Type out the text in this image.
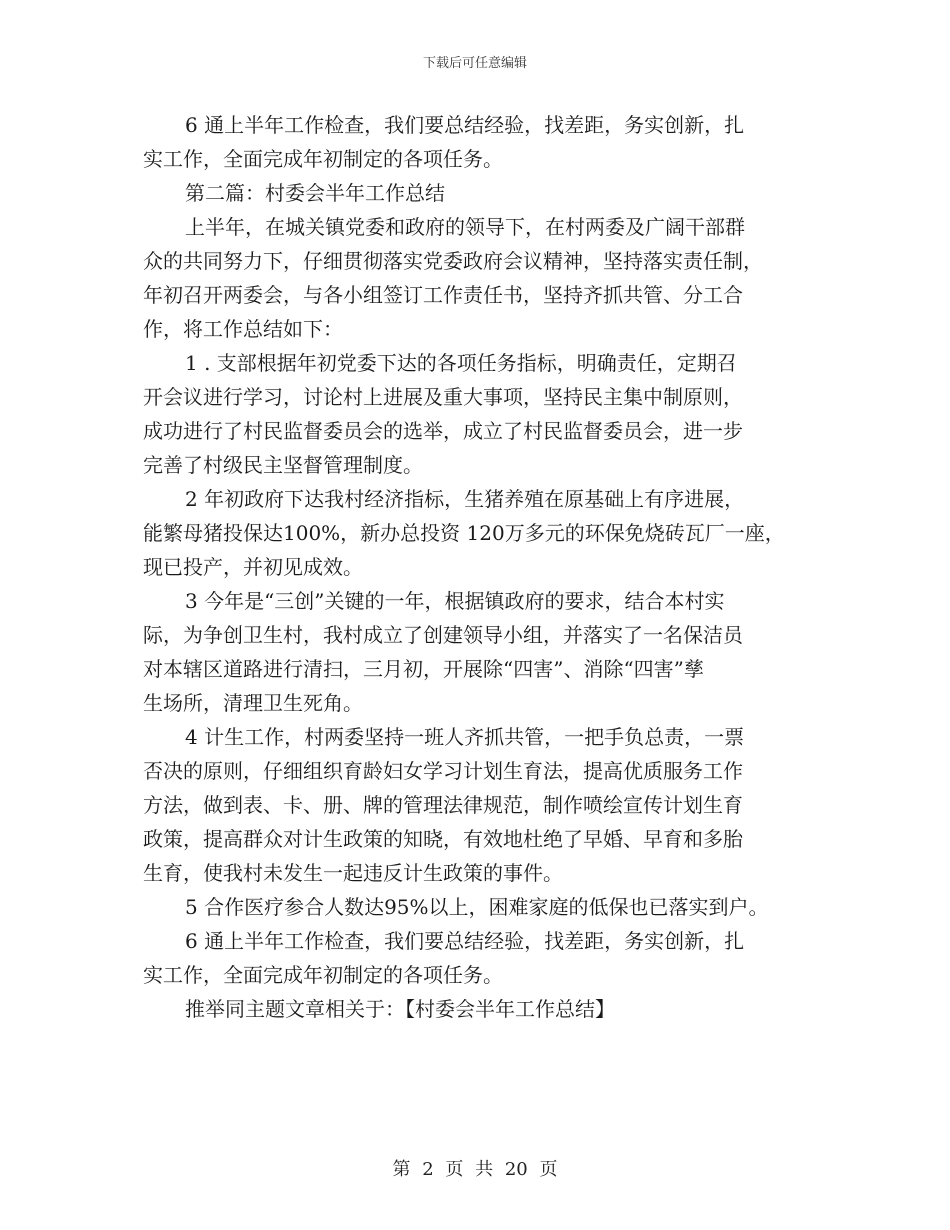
下载后可任意编辑
6 通上半年工作检查，我们要总结经验，找差距，务实创新，扎
实工作，全面完成年初制定的各项任务。
第二篇：村委会半年工作总结
上半年，在城关镇党委和政府的领导下，在村两委及广阔干部群
众的共同努力下，仔细贯彻落实党委政府会议精神，坚持落实责任制，
年初召开两委会，与各小组签订工作责任书，坚持齐抓共管、分工合
作，将工作总结如下：
1 . 支部根据年初党委下达的各项任务指标，明确责任，定期召
开会议进行学习，讨论村上进展及重大事项，坚持民主集中制原则，
成功进行了村民监督委员会的选举，成立了村民监督委员会，进一步
完善了村级民主坚督管理制度。
2 年初政府下达我村经济指标，生猪养殖在原基础上有序进展，
能繁母猪投保达100%，新办总投资 120万多元的环保免烧砖瓦厂一座，
现已投产，并初见成效。
3 今年是“三创”关键的一年，根据镇政府的要求，结合本村实
际，为争创卫生村，我村成立了创建领导小组，并落实了一名保洁员
对本辖区道路进行清扫，三月初，开展除“四害”、消除“四害”孳
生场所，清理卫生死角。
4 计生工作，村两委坚持一班人齐抓共管，一把手负总责，一票
否决的原则，仔细组织育龄妇女学习计划生育法，提高优质服务工作
方法，做到表、卡、册、牌的管理法律规范，制作喷绘宣传计划生育
政策，提高群众对计生政策的知晓，有效地杜绝了早婚、早育和多胎
生育，使我村未发生一起违反计生政策的事件。
5 合作医疗参合人数达95%以上，困难家庭的低保也已落实到户。
6 通上半年工作检查，我们要总结经验，找差距，务实创新，扎
实工作，全面完成年初制定的各项任务。
推举同主题文章相关于：【村委会半年工作总结】
第 2 页 共 20 页
